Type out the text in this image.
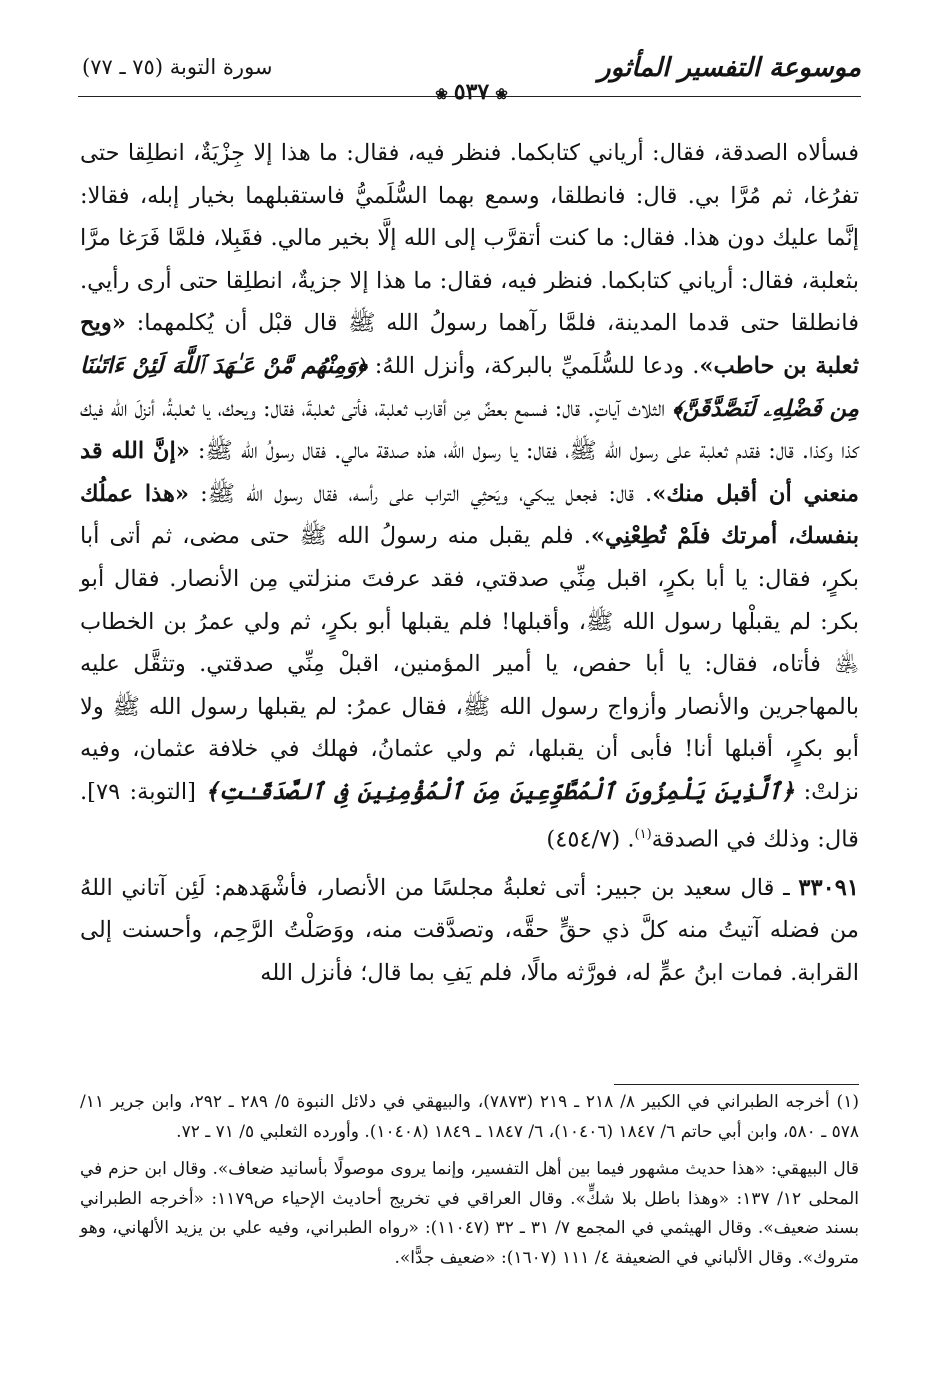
سورة التوبة (٧٥ ـ ٧٧)
❀ ٥٣٧ ❀
موسوعة التفسير المأثور

فسألاه الصدقة، فقال: أرياني كتابكما. فنظر فيه، فقال: ما هذا إلا جِزْيَةٌ، انطلِقا حتى تفرُغا، ثم مُرَّا بي. قال: فانطلقا، وسمع بهما السُّلَميُّ فاستقبلهما بخيار إبله، فقالا: إنَّما عليك دون هذا. فقال: ما كنت أتقرَّب إلى الله إلَّا بخير مالي. فقَبِلا، فلمَّا فَرَغا مرَّا بثعلبة، فقال: أرياني كتابكما. فنظر فيه، فقال: ما هذا إلا جزيةٌ، انطلِقا حتى أرى رأيي. فانطلقا حتى قدما المدينة، فلمَّا رآهما رسولُ الله ﷺ قال قبْل أن يُكلمهما: «ويح ثعلبة بن حاطب». ودعا للسُّلَميِّ بالبركة، وأنزل اللهُ: ﴿وَمِنْهُم مَّنْ عَـٰهَدَ ٱللَّهَ لَئِنْ ءَاتَىٰنَا مِن فَضْلِهِۦ لَنَصَّدَّقَنَّ﴾ الثلاث آياتٍ. قال: فسمع بعضٌ مِن أقارب ثعلبة، فأتى ثعلبةَ، فقال: ويحك، يا ثعلبةُ، أنزلَ الله فيك كذا وكذا. قال: فقدم ثعلبة على رسول الله ﷺ، فقال: يا رسول الله، هذه صدقة مالي. فقال رسولُ الله ﷺ: «إنَّ الله قد منعني أن أقبل منك». قال: فجعل يبكي، ويَحثِي التراب على رأسه، فقال رسول الله ﷺ: «هذا عملُك بنفسك، أمرتك فلَمْ تُطِعْنِي». فلم يقبل منه رسولُ الله ﷺ حتى مضى، ثم أتى أبا بكرٍ، فقال: يا أبا بكرٍ، اقبل مِنِّي صدقتي، فقد عرفتَ منزلتي مِن الأنصار. فقال أبو بكر: لم يقبلْها رسول الله ﷺ، وأقبلها! فلم يقبلها أبو بكرٍ، ثم ولي عمرُ بن الخطاب ﵁ فأتاه، فقال: يا أبا حفص، يا أمير المؤمنين، اقبلْ مِنِّي صدقتي. وتثقَّل عليه بالمهاجرين والأنصار وأزواج رسول الله ﷺ، فقال عمرُ: لم يقبلها رسول الله ﷺ ولا أبو بكرٍ، أقبلها أنا! فأبى أن يقبلها، ثم ولي عثمانُ، فهلك في خلافة عثمان، وفيه نزلتْ: ﴿ٱلَّذِينَ يَلْمِزُونَ ٱلْمُطَّوِّعِينَ مِنَ ٱلْمُؤْمِنِينَ فِى ٱلصَّدَقَـٰتِ﴾ [التوبة: ٧٩]. قال: وذلك في الصدقة$^{(١)}$. (٤٥٤/٧)

٣٣٠٩١ ـ قال سعيد بن جبير: أتى ثعلبةُ مجلسًا من الأنصار، فأشْهَدهم: لَئِن آتاني اللهُ من فضله آتيتُ منه كلَّ ذي حقٍّ حقَّه، وتصدَّقت منه، ووَصَلْتُ الرَّحِم، وأحسنت إلى القرابة. فمات ابنُ عمٍّ له، فورَّثه مالًا، فلم يَفِ بما قال؛ فأنزل الله

(١) أخرجه الطبراني في الكبير ٨/ ٢١٨ ـ ٢١٩ (٧٨٧٣)، والبيهقي في دلائل النبوة ٥/ ٢٨٩ ـ ٢٩٢، وابن جرير ١١/ ٥٧٨ ـ ٥٨٠، وابن أبي حاتم ٦/ ١٨٤٧ (١٠٤٠٦)، ٦/ ١٨٤٧ ـ ١٨٤٩ (١٠٤٠٨). وأورده الثعلبي ٥/ ٧١ ـ ٧٢.

قال البيهقي: «هذا حديث مشهور فيما بين أهل التفسير، وإنما يروى موصولًا بأسانيد ضعاف». وقال ابن حزم في المحلى ١٢/ ١٣٧: «وهذا باطل بلا شكٍّ». وقال العراقي في تخريج أحاديث الإحياء ص١١٧٩: «أخرجه الطبراني بسند ضعيف». وقال الهيثمي في المجمع ٧/ ٣١ ـ ٣٢ (١١٠٤٧): «رواه الطبراني، وفيه علي بن يزيد الألهاني، وهو متروك». وقال الألباني في الضعيفة ٤/ ١١١ (١٦٠٧): «ضعيف جدًّا».
